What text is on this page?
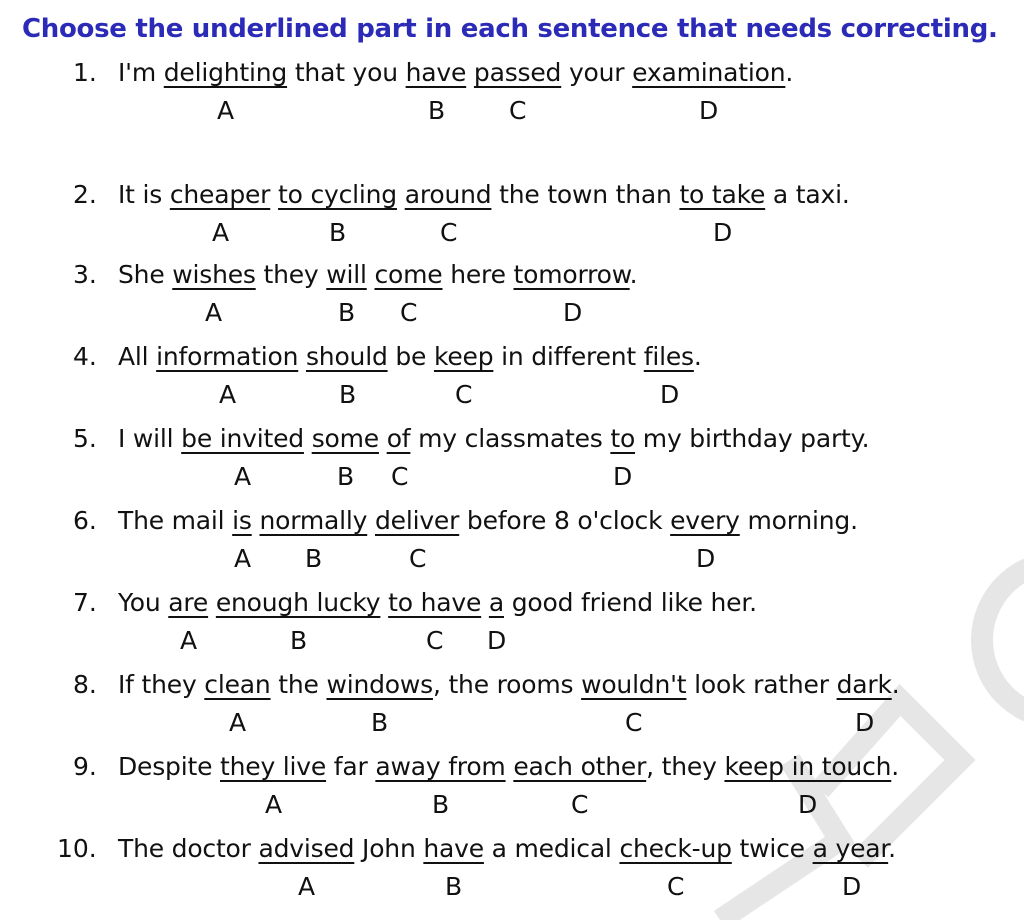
Choose the underlined part in each sentence that needs correcting.
1. I'm delighting that you have passed your examination.
A	B	C	D
2. It is cheaper to cycling around the town than to take a taxi.
A	B	C	D
3. She wishes they will come here tomorrow.
A	B C	D
4. All information should be keep in different files.
A	B	C	D
5. I will be invited some of my classmates to my birthday party.
A	B C	D
6. The mail is normally deliver before 8 o'clock every morning.
A B	C	D
7. You are enough lucky to have a good friend like her.
A	B	C D
8. If they clean the windows, the rooms wouldn't look rather dark.
A	B	C	D
9. Despite they live far away from each other, they keep in touch.
A	B	C	D
10. The doctor advised John have a medical check-up twice a year.
A	B	C	D
